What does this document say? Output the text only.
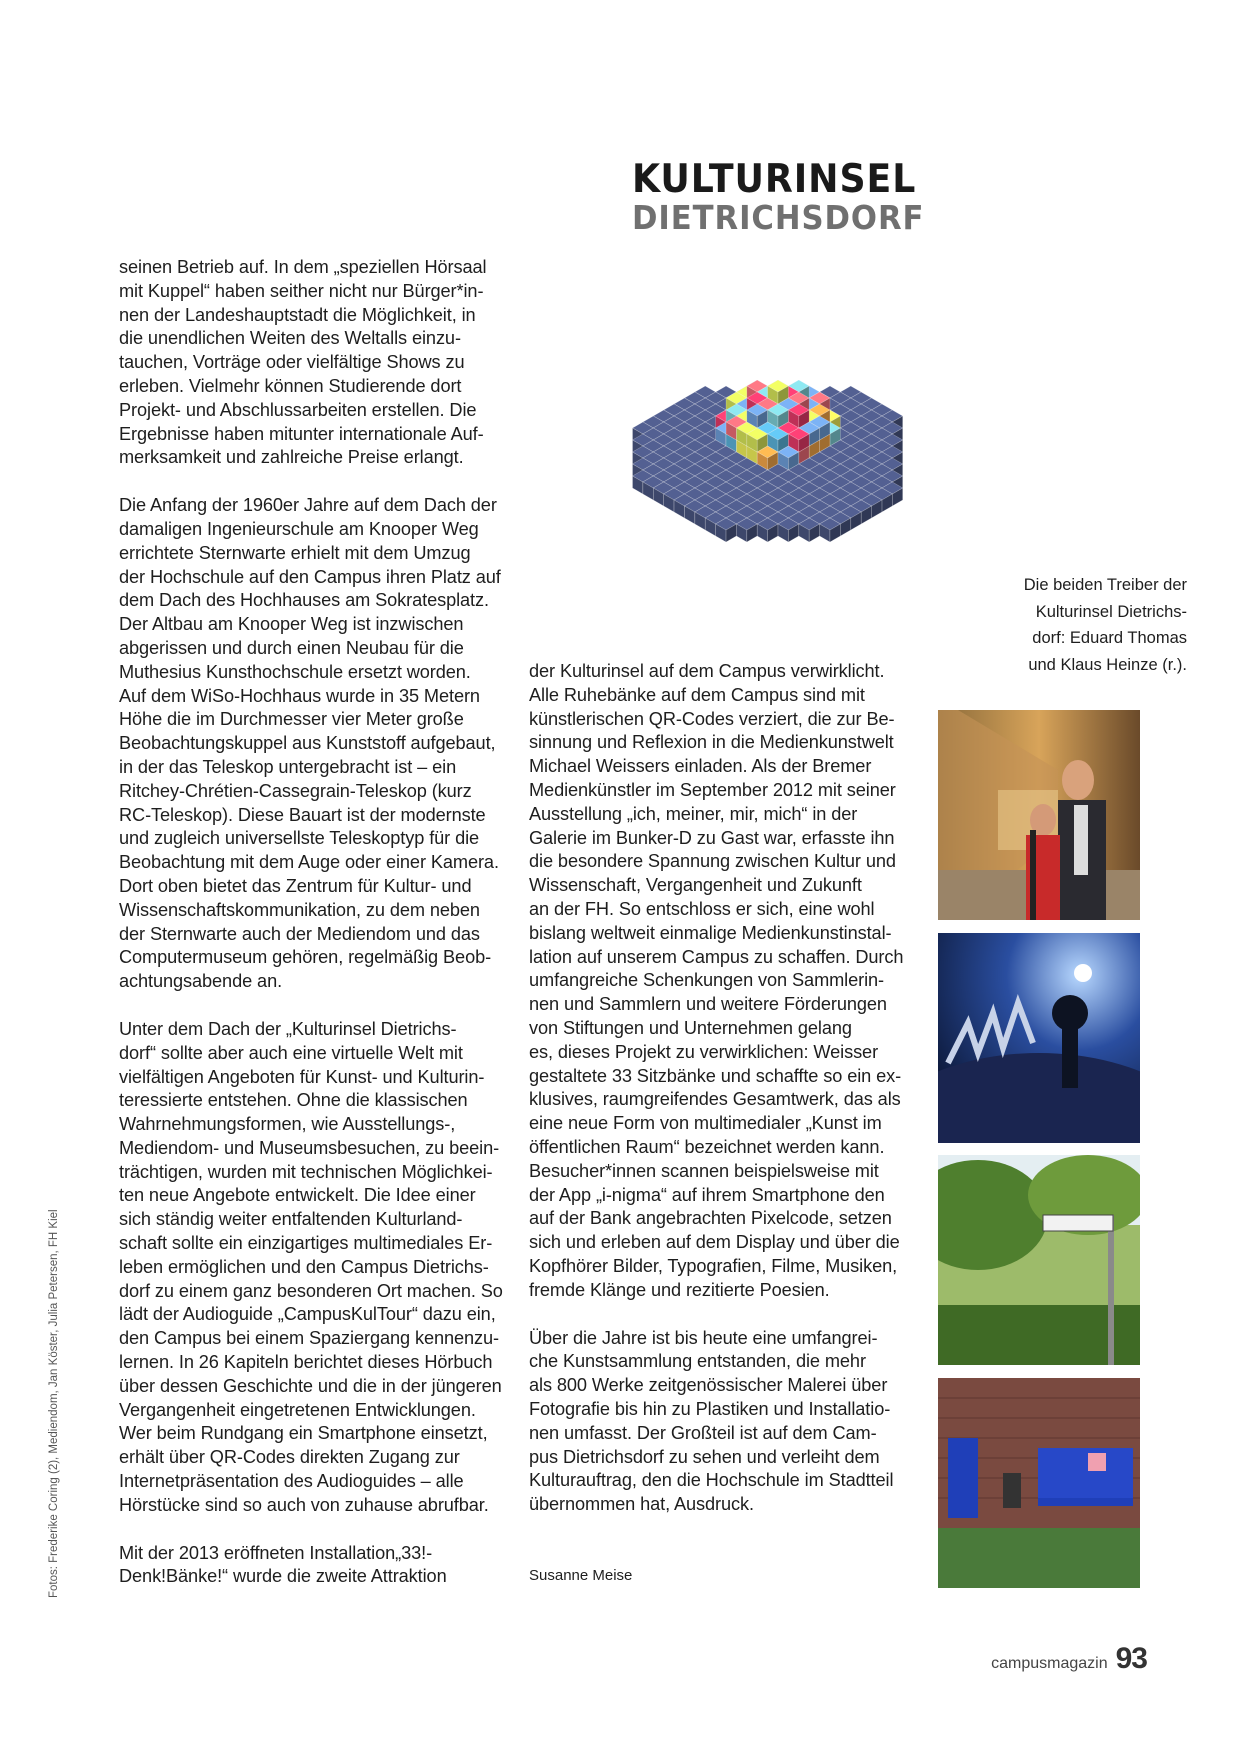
KULTURINSEL
DIETRICHSDORF

seinen Betrieb auf. In dem „speziellen Hörsaal
mit Kuppel“ haben seither nicht nur Bürger*in-
nen der Landeshauptstadt die Möglichkeit, in
die unendlichen Weiten des Weltalls einzu-
tauchen, Vorträge oder vielfältige Shows zu
erleben. Vielmehr können Studierende dort
Projekt- und Abschlussarbeiten erstellen. Die
Ergebnisse haben mitunter internationale Auf-
merksamkeit und zahlreiche Preise erlangt.

Die Anfang der 1960er Jahre auf dem Dach der
damaligen Ingenieurschule am Knooper Weg
errichtete Sternwarte erhielt mit dem Umzug
der Hochschule auf den Campus ihren Platz auf
dem Dach des Hochhauses am Sokratesplatz.
Der Altbau am Knooper Weg ist inzwischen
abgerissen und durch einen Neubau für die
Muthesius Kunsthochschule ersetzt worden.
Auf dem WiSo-Hochhaus wurde in 35 Metern
Höhe die im Durchmesser vier Meter große
Beobachtungskuppel aus Kunststoff aufgebaut,
in der das Teleskop untergebracht ist – ein
Ritchey-Chrétien-Cassegrain-Teleskop (kurz
RC-Teleskop). Diese Bauart ist der modernste
und zugleich universellste Teleskoptyp für die
Beobachtung mit dem Auge oder einer Kamera.
Dort oben bietet das Zentrum für Kultur- und
Wissenschaftskommunikation, zu dem neben
der Sternwarte auch der Mediendom und das
Computermuseum gehören, regelmäßig Beob-
achtungsabende an.

Unter dem Dach der „Kulturinsel Dietrichs-
dorf“ sollte aber auch eine virtuelle Welt mit
vielfältigen Angeboten für Kunst- und Kulturin-
teressierte entstehen. Ohne die klassischen
Wahrnehmungsformen, wie Ausstellungs-,
Mediendom- und Museumsbesuchen, zu beein-
trächtigen, wurden mit technischen Möglichkei-
ten neue Angebote entwickelt. Die Idee einer
sich ständig weiter entfaltenden Kulturland-
schaft sollte ein einzigartiges multimediales Er-
leben ermöglichen und den Campus Dietrichs-
dorf zu einem ganz besonderen Ort machen. So
lädt der Audioguide „CampusKulTour“ dazu ein,
den Campus bei einem Spaziergang kennenzu-
lernen. In 26 Kapiteln berichtet dieses Hörbuch
über dessen Geschichte und die in der jüngeren
Vergangenheit eingetretenen Entwicklungen.
Wer beim Rundgang ein Smartphone einsetzt,
erhält über QR-Codes direkten Zugang zur
Internetpräsentation des Audioguides – alle
Hörstücke sind so auch von zuhause abrufbar.

Mit der 2013 eröffneten Installation„33!-
Denk!Bänke!“ wurde die zweite Attraktion

der Kulturinsel auf dem Campus verwirklicht.
Alle Ruhebänke auf dem Campus sind mit
künstlerischen QR-Codes verziert, die zur Be-
sinnung und Reflexion in die Medienkunstwelt
Michael Weissers einladen. Als der Bremer
Medienkünstler im September 2012 mit seiner
Ausstellung „ich, meiner, mir, mich“ in der
Galerie im Bunker-D zu Gast war, erfasste ihn
die besondere Spannung zwischen Kultur und
Wissenschaft, Vergangenheit und Zukunft
an der FH. So entschloss er sich, eine wohl
bislang weltweit einmalige Medienkunstinstal-
lation auf unserem Campus zu schaffen. Durch
umfangreiche Schenkungen von Sammlerin-
nen und Sammlern und weitere Förderungen
von Stiftungen und Unternehmen gelang
es, dieses Projekt zu verwirklichen: Weisser
gestaltete 33 Sitzbänke und schaffte so ein ex-
klusives, raumgreifendes Gesamtwerk, das als
eine neue Form von multimedialer „Kunst im
öffentlichen Raum“ bezeichnet werden kann.
Besucher*innen scannen beispielsweise mit
der App „i-nigma“ auf ihrem Smartphone den
auf der Bank angebrachten Pixelcode, setzen
sich und erleben auf dem Display und über die
Kopfhörer Bilder, Typografien, Filme, Musiken,
fremde Klänge und rezitierte Poesien.

Über die Jahre ist bis heute eine umfangrei-
che Kunstsammlung entstanden, die mehr
als 800 Werke zeitgenössischer Malerei über
Fotografie bis hin zu Plastiken und Installatio-
nen umfasst. Der Großteil ist auf dem Cam-
pus Dietrichsdorf zu sehen und verleiht dem
Kulturauftrag, den die Hochschule im Stadtteil
übernommen hat, Ausdruck.

Susanne Meise
Die beiden Treiber der
Kulturinsel Dietrichs-
dorf: Eduard Thomas
und Klaus Heinze (r.).
Fotos: Frederike Coring (2), Mediendom, Jan Köster, Julia Petersen, FH Kiel
campusmagazin 93
